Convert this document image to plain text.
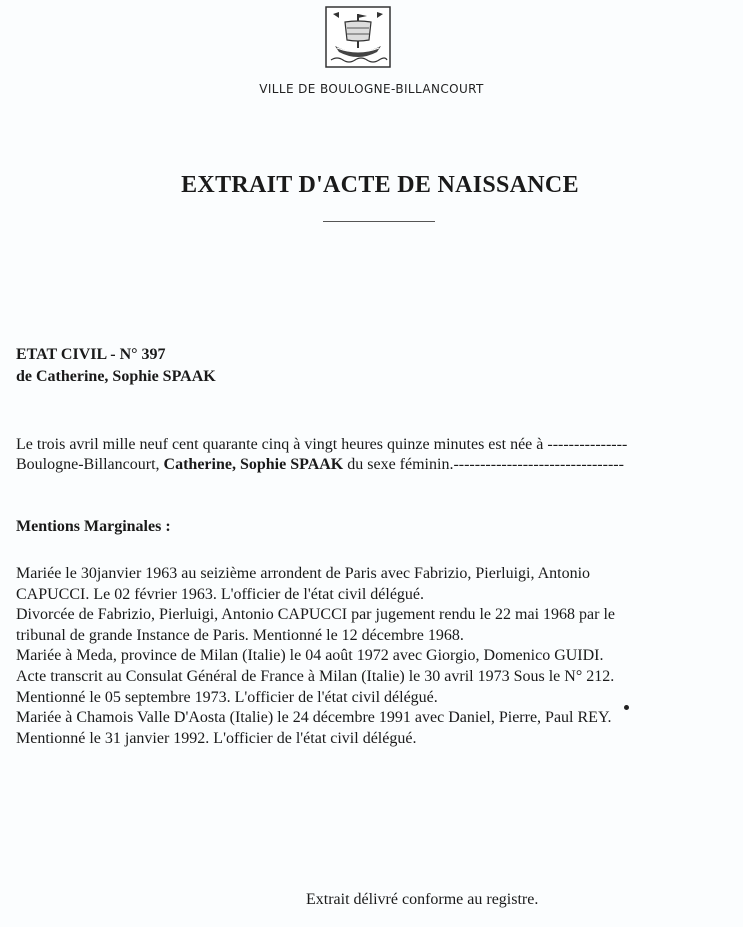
VILLE DE BOULOGNE-BILLANCOURT
EXTRAIT D'ACTE DE NAISSANCE
ETAT CIVIL - N° 397
de Catherine, Sophie SPAAK
Le trois avril mille neuf cent quarante cinq à vingt heures quinze minutes est née à ---------------
Boulogne-Billancourt, Catherine, Sophie SPAAK du sexe féminin.--------------------------------
Mentions Marginales :
Mariée le 30janvier 1963 au seizième arrondent de Paris avec Fabrizio, Pierluigi, Antonio
CAPUCCI. Le 02 février 1963. L'officier de l'état civil délégué.
Divorcée de Fabrizio, Pierluigi, Antonio CAPUCCI par jugement rendu le 22 mai 1968 par le
tribunal de grande Instance de Paris. Mentionné le 12 décembre 1968.
Mariée à Meda, province de Milan (Italie) le 04 août 1972 avec Giorgio, Domenico GUIDI.
Acte transcrit au Consulat Général de France à Milan (Italie) le 30 avril 1973 Sous le N° 212.
Mentionné le 05 septembre 1973. L'officier de l'état civil délégué.
Mariée à Chamois Valle D'Aosta (Italie) le 24 décembre 1991 avec Daniel, Pierre, Paul REY.
Mentionné le 31 janvier 1992. L'officier de l'état civil délégué.
Extrait délivré conforme au registre.
